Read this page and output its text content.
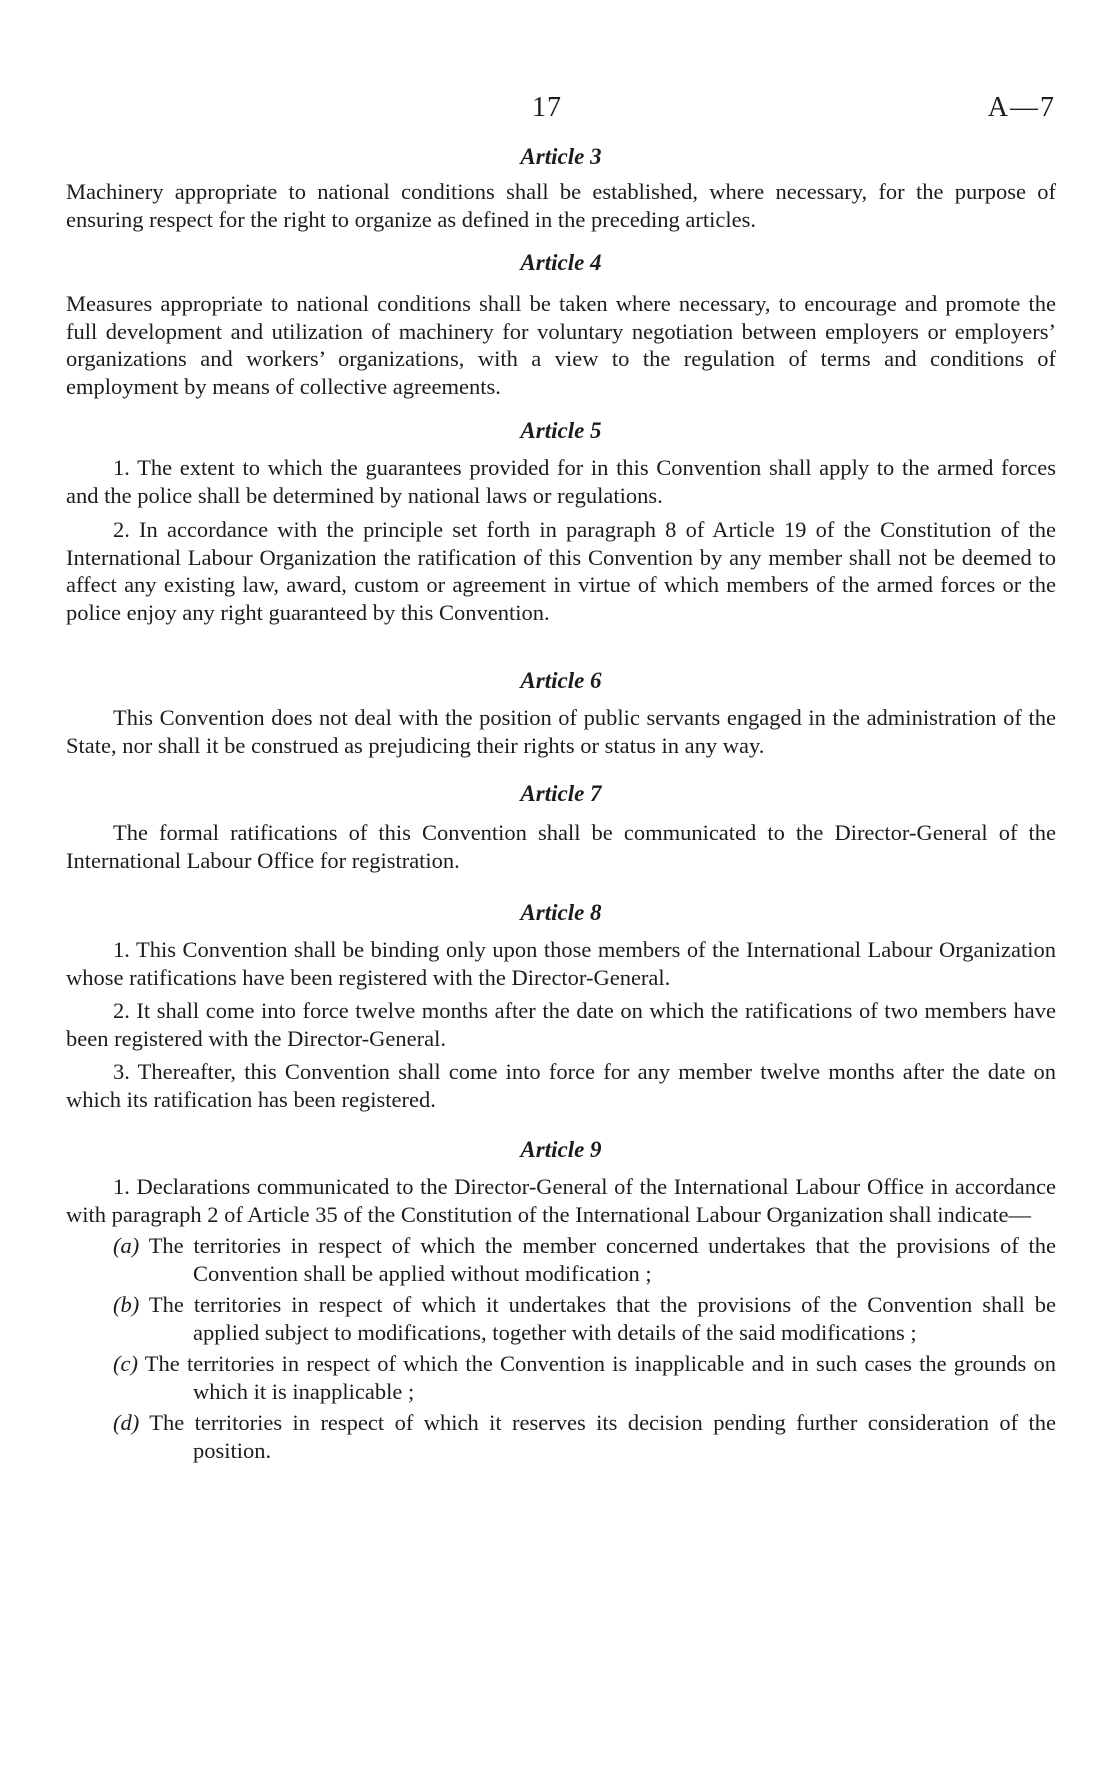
17	A—7
Article 3

Machinery appropriate to national conditions shall be established, where necessary, for the purpose of ensuring respect for the right to organize as defined in the preceding articles.

Article 4

Measures appropriate to national conditions shall be taken where necessary, to encourage and promote the full development and utilization of machinery for voluntary negotiation between employers or employers’ organizations and workers’ organizations, with a view to the regulation of terms and conditions of employment by means of collective agreements.

Article 5

1. The extent to which the guarantees provided for in this Convention shall apply to the armed forces and the police shall be determined by national laws or regulations.

2. In accordance with the principle set forth in paragraph 8 of Article 19 of the Constitution of the International Labour Organization the ratification of this Convention by any member shall not be deemed to affect any existing law, award, custom or agreement in virtue of which members of the armed forces or the police enjoy any right guaranteed by this Convention.

Article 6

This Convention does not deal with the position of public servants engaged in the administration of the State, nor shall it be construed as prejudicing their rights or status in any way.

Article 7

The formal ratifications of this Convention shall be communicated to the Director-General of the International Labour Office for registration.

Article 8

1. This Convention shall be binding only upon those members of the International Labour Organization whose ratifications have been registered with the Director-General.

2. It shall come into force twelve months after the date on which the ratifications of two members have been registered with the Director-General.

3. Thereafter, this Convention shall come into force for any member twelve months after the date on which its ratification has been registered.

Article 9

1. Declarations communicated to the Director-General of the International Labour Office in accordance with paragraph 2 of Article 35 of the Constitution of the International Labour Organization shall indicate—

(a) The territories in respect of which the member concerned undertakes that the provisions of the Convention shall be applied without modification ;
(b) The territories in respect of which it undertakes that the provisions of the Convention shall be applied subject to modifications, together with details of the said modifications ;
(c) The territories in respect of which the Convention is inapplicable and in such cases the grounds on which it is inapplicable ;
(d) The territories in respect of which it reserves its decision pending further consideration of the position.
